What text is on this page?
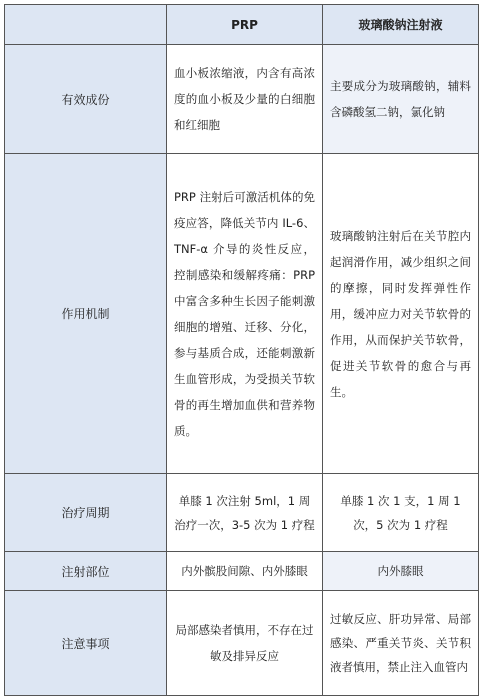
	PRP	玻璃酸钠注射液
有效成份	血小板浓缩液，内含有高浓度的血小板及少量的白细胞和红细胞	主要成分为玻璃酸钠，辅料含磷酸氢二钠，氯化钠
作用机制	PRP 注射后可激活机体的免疫应答，降低关节内 IL-6、TNF-α 介导的炎性反应，控制感染和缓解疼痛：PRP 中富含多种生长因子能刺激细胞的增殖、迁移、分化，参与基质合成，还能刺激新生血管形成，为受损关节软骨的再生增加血供和营养物质。	玻璃酸钠注射后在关节腔内起润滑作用，减少组织之间的摩擦，同时发挥弹性作用，缓冲应力对关节软骨的作用，从而保护关节软骨，促进关节软骨的愈合与再生。
治疗周期	单膝 1 次注射 5ml，1 周治疗一次，3-5 次为 1 疗程	单膝 1 次 1 支，1 周 1 次，5 次为 1 疗程
注射部位	内外髌股间隙、内外膝眼	内外膝眼
注意事项	局部感染者慎用，不存在过敏及排异反应	过敏反应、肝功异常、局部感染、严重关节炎、关节积液者慎用，禁止注入血管内
